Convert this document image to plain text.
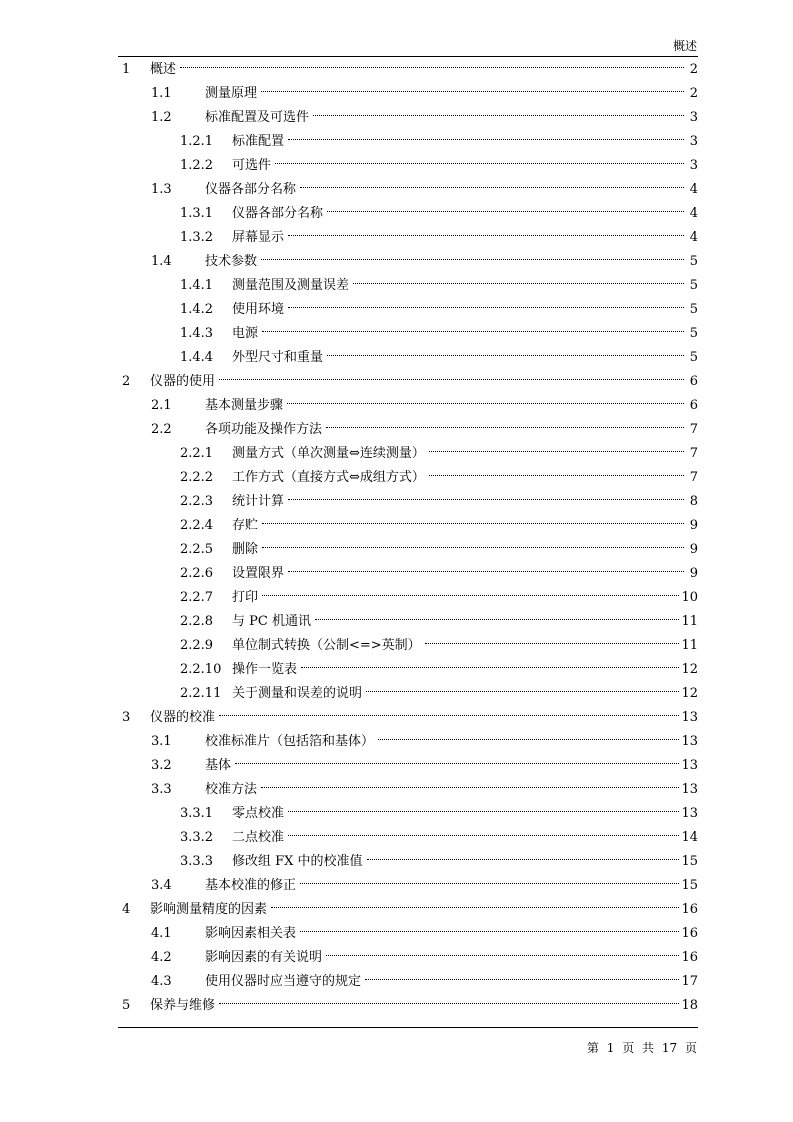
概述
1 概述	2
1.1	测量原理	2
1.2	标准配置及可选件	3
1.2.1 标准配置	3
1.2.2 可选件	3
1.3	仪器各部分名称	4
1.3.1 仪器各部分名称	4
1.3.2 屏幕显示	4
1.4	技术参数	5
1.4.1 测量范围及测量误差	5
1.4.2 使用环境	5
1.4.3 电源	5
1.4.4 外型尺寸和重量	5
2 仪器的使用	6
2.1	基本测量步骤	6
2.2	各项功能及操作方法	7
2.2.1 测量方式（单次测量⇔连续测量）	7
2.2.2 工作方式（直接方式⇔成组方式）	7
2.2.3 统计计算	8
2.2.4 存贮	9
2.2.5 删除	9
2.2.6 设置限界	9
2.2.7 打印	10
2.2.8 与 PC 机通讯	11
2.2.9 单位制式转换（公制<=>英制）	11
2.2.10 操作一览表	12
2.2.11 关于测量和误差的说明	12
3 仪器的校准	13
3.1	校准标准片（包括箔和基体）	13
3.2	基体	13
3.3	校准方法	13
3.3.1 零点校准	13
3.3.2 二点校准	14
3.3.3 修改组 FX 中的校准值	15
3.4	基本校准的修正	15
4 影响测量精度的因素	16
4.1	影响因素相关表	16
4.2	影响因素的有关说明	16
4.3	使用仪器时应当遵守的规定	17
5 保养与维修	18
第 1 页 共 17 页
